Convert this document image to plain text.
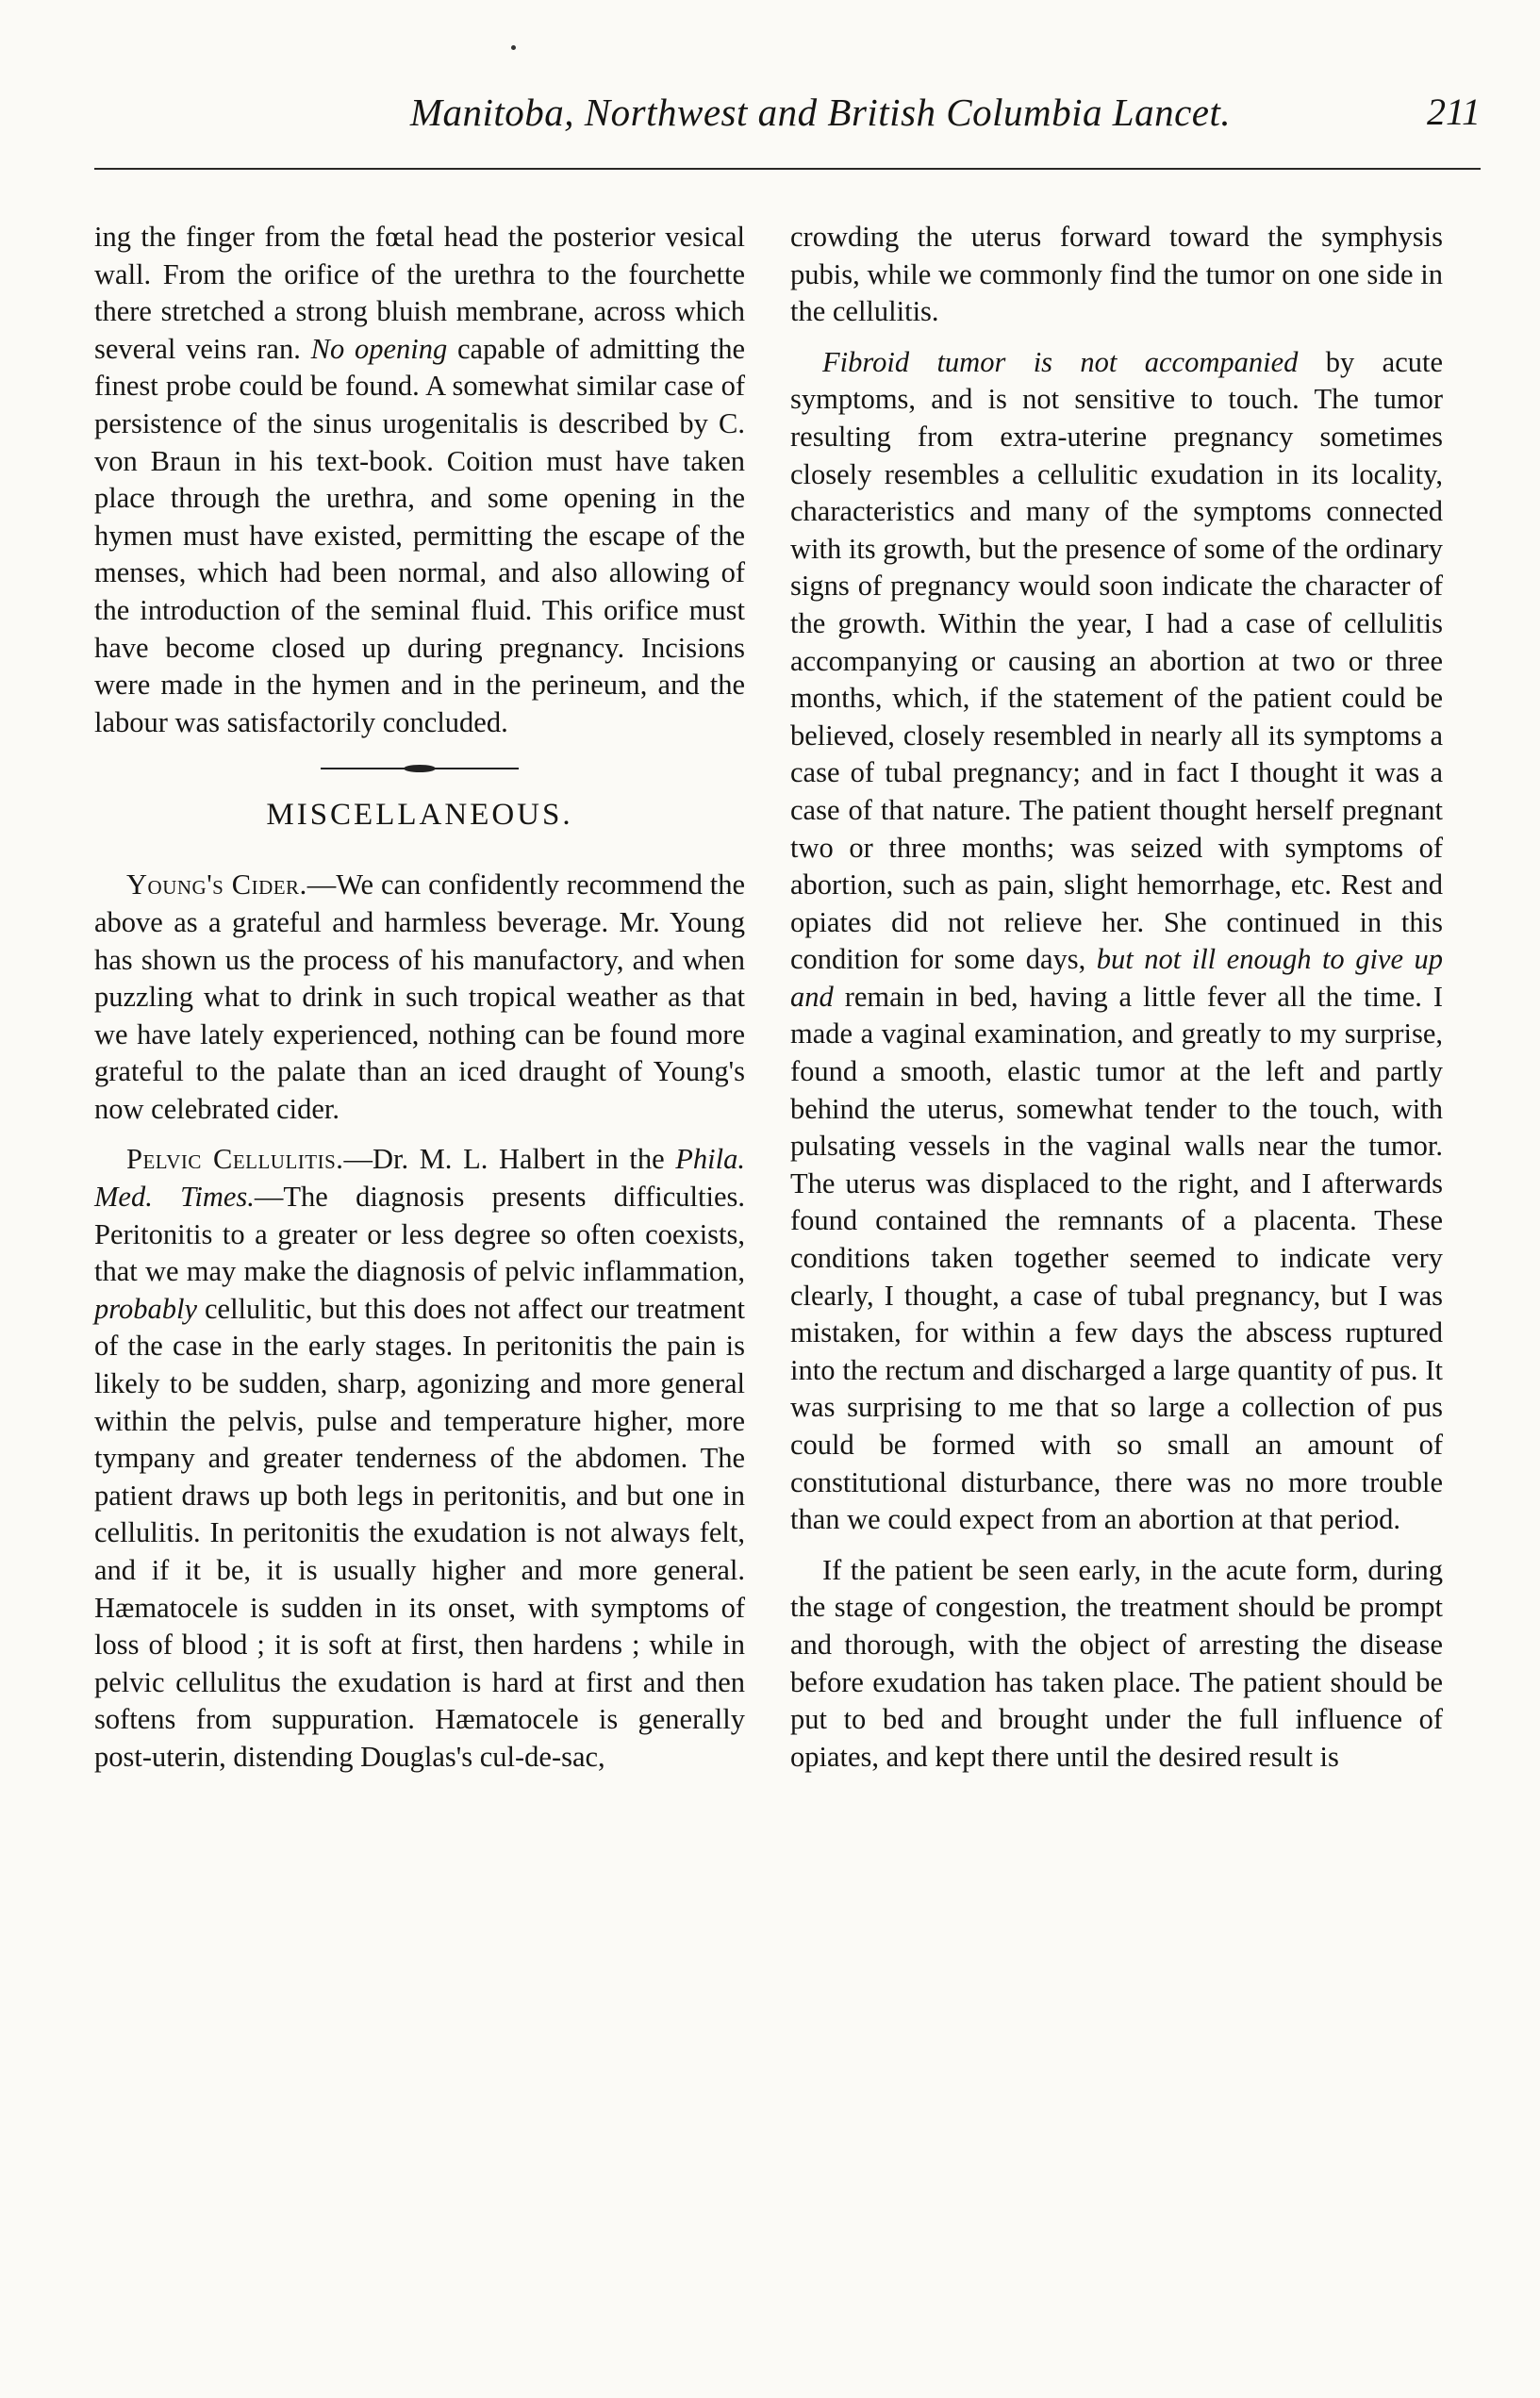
Manitoba, Northwest and British Columbia Lancet.	211

ing the finger from the fœtal head the posterior vesical wall. From the orifice of the urethra to the fourchette there stretched a strong bluish membrane, across which several veins ran. No opening capable of admitting the finest probe could be found. A somewhat similar case of persistence of the sinus urogenitalis is described by C. von Braun in his text-book. Coition must have taken place through the urethra, and some opening in the hymen must have existed, permitting the escape of the menses, which had been normal, and also allowing of the introduction of the seminal fluid. This orifice must have become closed up during pregnancy. Incisions were made in the hymen and in the perineum, and the labour was satisfactorily concluded.

MISCELLANEOUS.

Young's Cider.—We can confidently recommend the above as a grateful and harmless beverage. Mr. Young has shown us the process of his manufactory, and when puzzling what to drink in such tropical weather as that we have lately experienced, nothing can be found more grateful to the palate than an iced draught of Young's now celebrated cider.

Pelvic Cellulitis.—Dr. M. L. Halbert in the Phila. Med. Times.—The diagnosis presents difficulties. Peritonitis to a greater or less degree so often coexists, that we may make the diagnosis of pelvic inflammation, probably cellulitic, but this does not affect our treatment of the case in the early stages. In peritonitis the pain is likely to be sudden, sharp, agonizing and more general within the pelvis, pulse and temperature higher, more tympany and greater tenderness of the abdomen. The patient draws up both legs in peritonitis, and but one in cellulitis. In peritonitis the exudation is not always felt, and if it be, it is usually higher and more general. Hæmatocele is sudden in its onset, with symptoms of loss of blood ; it is soft at first, then hardens ; while in pelvic cellulitus the exudation is hard at first and then softens from suppuration. Hæmatocele is generally post-uterin, distending Douglas's cul-de-sac,

crowding the uterus forward toward the symphysis pubis, while we commonly find the tumor on one side in the cellulitis.

Fibroid tumor is not accompanied by acute symptoms, and is not sensitive to touch. The tumor resulting from extra-uterine pregnancy sometimes closely resembles a cellulitic exudation in its locality, characteristics and many of the symptoms connected with its growth, but the presence of some of the ordinary signs of pregnancy would soon indicate the character of the growth. Within the year, I had a case of cellulitis accompanying or causing an abortion at two or three months, which, if the statement of the patient could be believed, closely resembled in nearly all its symptoms a case of tubal pregnancy; and in fact I thought it was a case of that nature. The patient thought herself pregnant two or three months; was seized with symptoms of abortion, such as pain, slight hemorrhage, etc. Rest and opiates did not relieve her. She continued in this condition for some days, but not ill enough to give up and remain in bed, having a little fever all the time. I made a vaginal examination, and greatly to my surprise, found a smooth, elastic tumor at the left and partly behind the uterus, somewhat tender to the touch, with pulsating vessels in the vaginal walls near the tumor. The uterus was displaced to the right, and I afterwards found contained the remnants of a placenta. These conditions taken together seemed to indicate very clearly, I thought, a case of tubal pregnancy, but I was mistaken, for within a few days the abscess ruptured into the rectum and discharged a large quantity of pus. It was surprising to me that so large a collection of pus could be formed with so small an amount of constitutional disturbance, there was no more trouble than we could expect from an abortion at that period.

If the patient be seen early, in the acute form, during the stage of congestion, the treatment should be prompt and thorough, with the object of arresting the disease before exudation has taken place. The patient should be put to bed and brought under the full influence of opiates, and kept there until the desired result is
